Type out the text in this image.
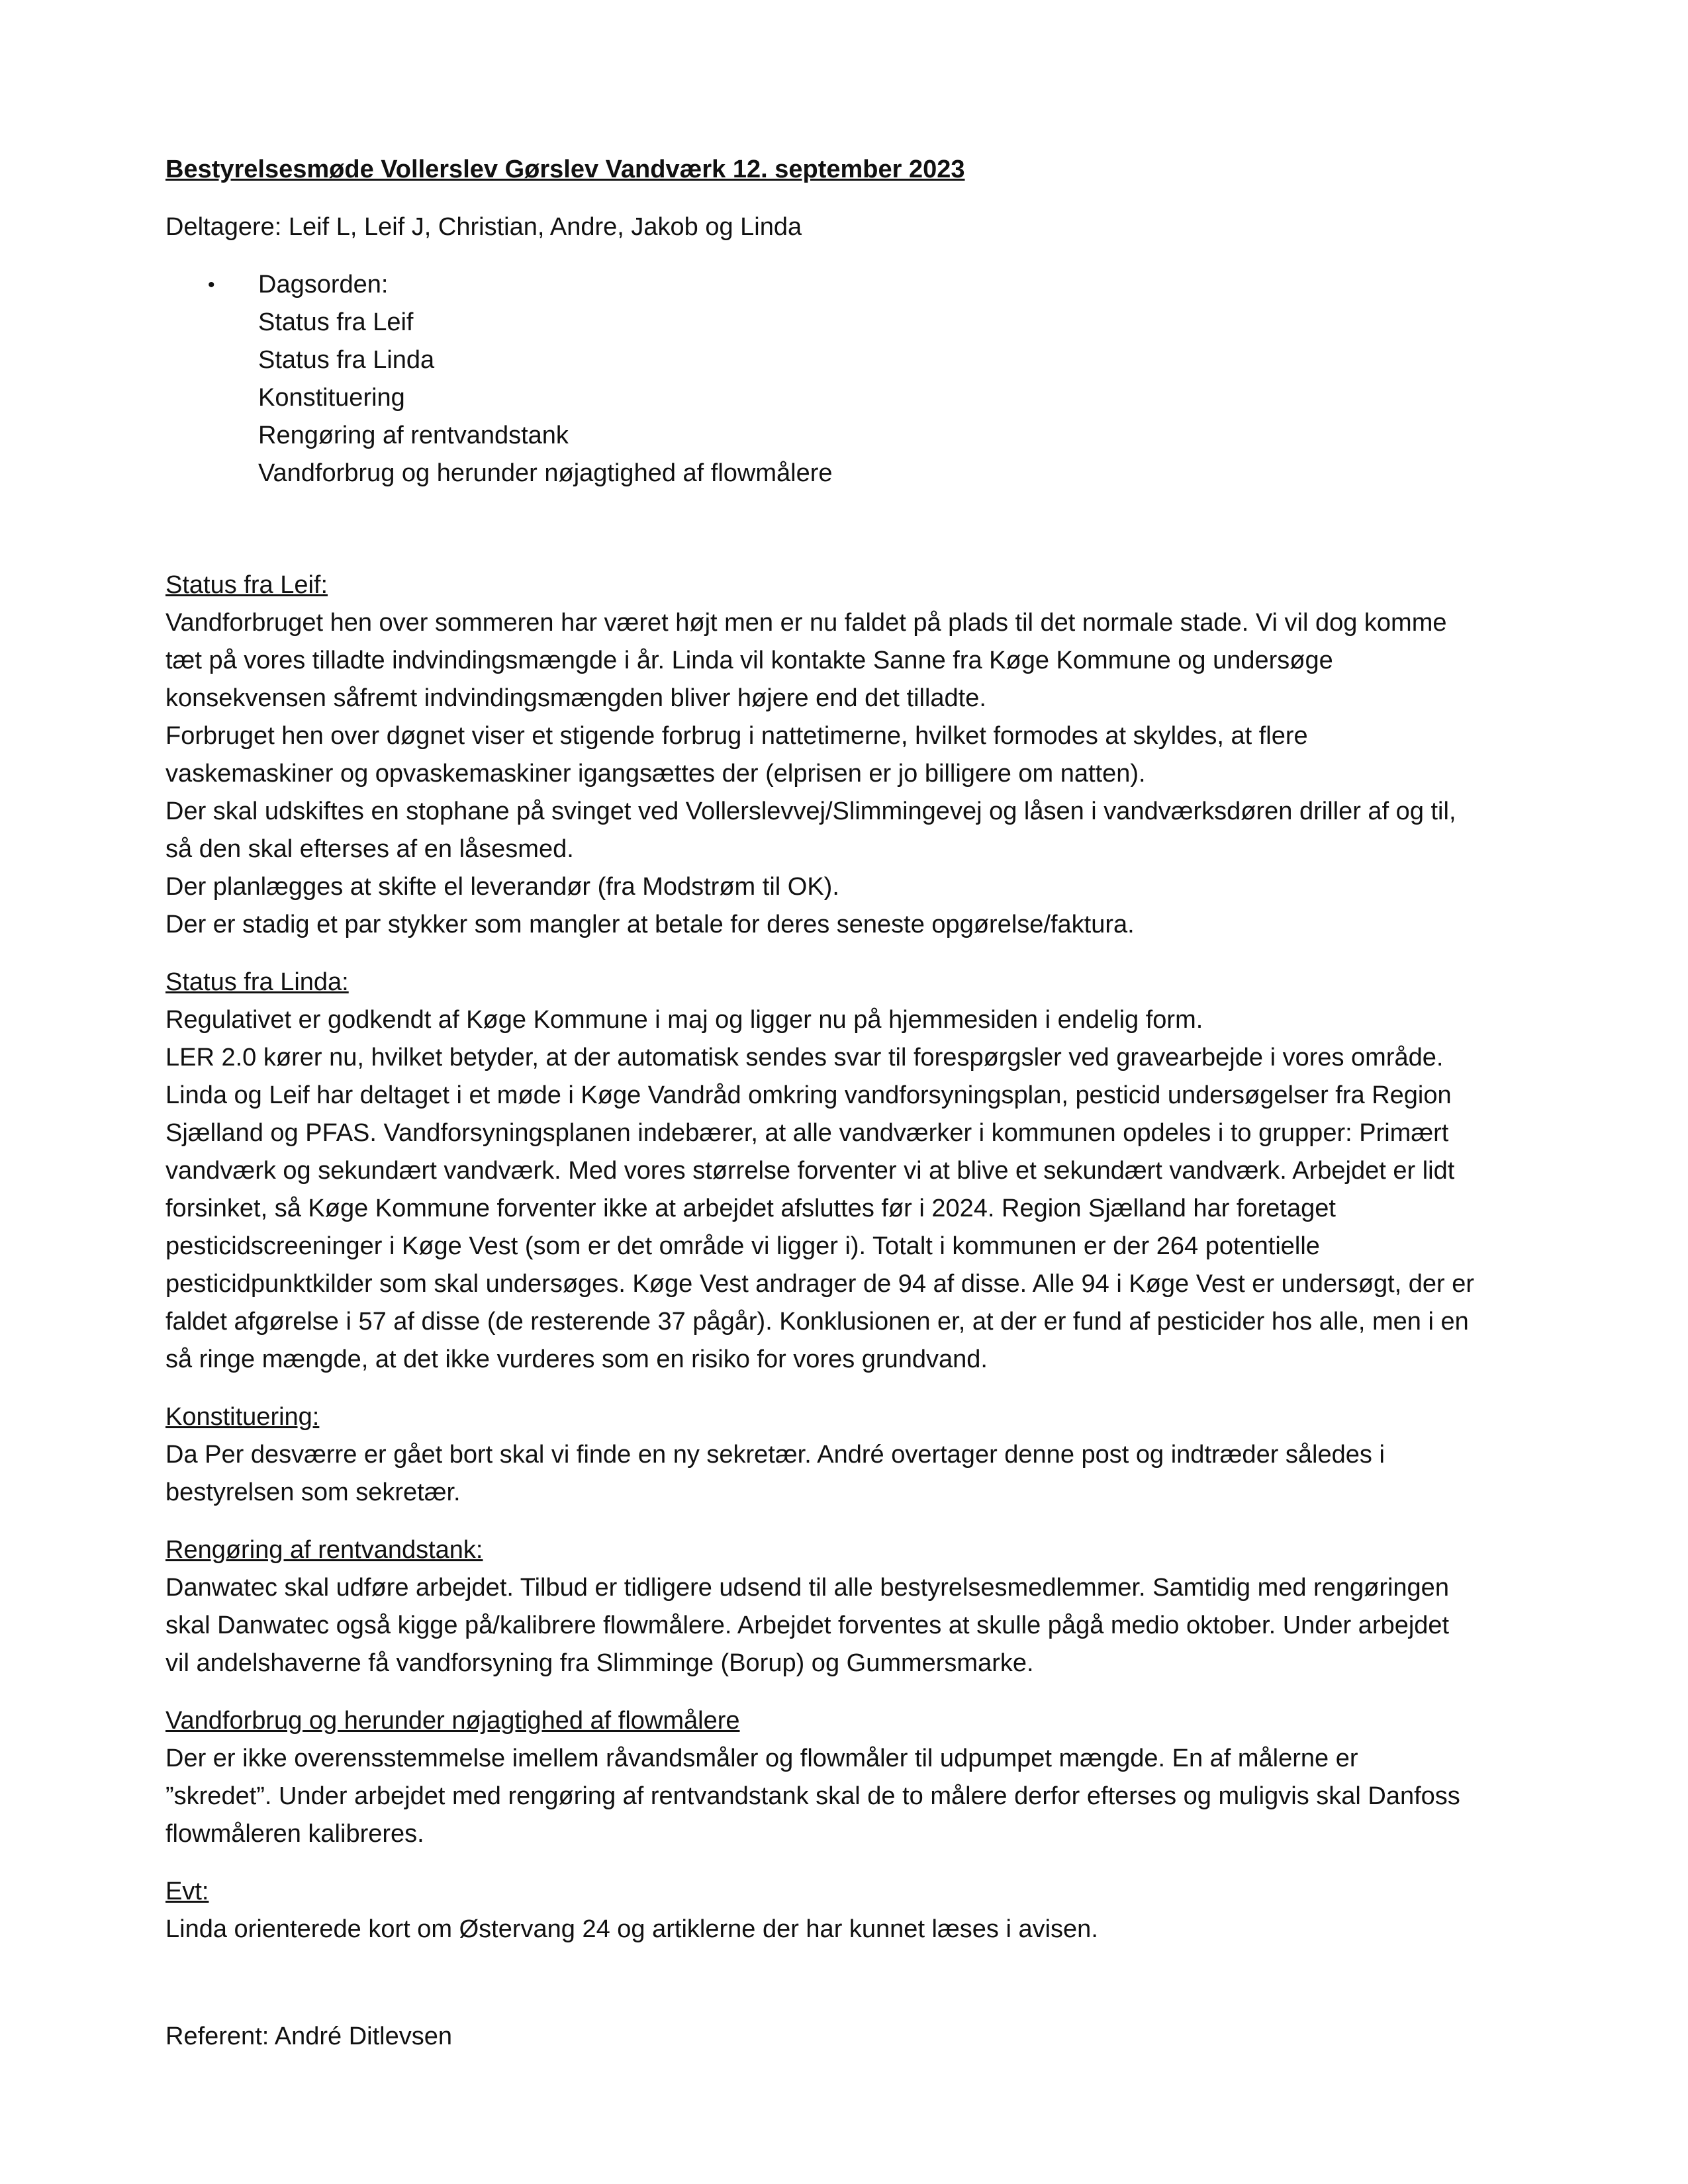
Bestyrelsesmøde Vollerslev Gørslev Vandværk 12. september 2023
Deltagere: Leif L, Leif J, Christian, Andre, Jakob og Linda
• Dagsorden:
Status fra Leif
Status fra Linda
Konstituering
Rengøring af rentvandstank
Vandforbrug og herunder nøjagtighed af flowmålere
Status fra Leif:
Vandforbruget hen over sommeren har været højt men er nu faldet på plads til det normale stade. Vi vil dog komme
tæt på vores tilladte indvindingsmængde i år. Linda vil kontakte Sanne fra Køge Kommune og undersøge
konsekvensen såfremt indvindingsmængden bliver højere end det tilladte.
Forbruget hen over døgnet viser et stigende forbrug i nattetimerne, hvilket formodes at skyldes, at flere
vaskemaskiner og opvaskemaskiner igangsættes der (elprisen er jo billigere om natten).
Der skal udskiftes en stophane på svinget ved Vollerslevvej/Slimmingevej og låsen i vandværksdøren driller af og til,
så den skal efterses af en låsesmed.
Der planlægges at skifte el leverandør (fra Modstrøm til OK).
Der er stadig et par stykker som mangler at betale for deres seneste opgørelse/faktura.
Status fra Linda:
Regulativet er godkendt af Køge Kommune i maj og ligger nu på hjemmesiden i endelig form.
LER 2.0 kører nu, hvilket betyder, at der automatisk sendes svar til forespørgsler ved gravearbejde i vores område.
Linda og Leif har deltaget i et møde i Køge Vandråd omkring vandforsyningsplan, pesticid undersøgelser fra Region
Sjælland og PFAS. Vandforsyningsplanen indebærer, at alle vandværker i kommunen opdeles i to grupper: Primært
vandværk og sekundært vandværk. Med vores størrelse forventer vi at blive et sekundært vandværk. Arbejdet er lidt
forsinket, så Køge Kommune forventer ikke at arbejdet afsluttes før i 2024. Region Sjælland har foretaget
pesticidscreeninger i Køge Vest (som er det område vi ligger i). Totalt i kommunen er der 264 potentielle
pesticidpunktkilder som skal undersøges. Køge Vest andrager de 94 af disse. Alle 94 i Køge Vest er undersøgt, der er
faldet afgørelse i 57 af disse (de resterende 37 pågår). Konklusionen er, at der er fund af pesticider hos alle, men i en
så ringe mængde, at det ikke vurderes som en risiko for vores grundvand.
Konstituering:
Da Per desværre er gået bort skal vi finde en ny sekretær. André overtager denne post og indtræder således i
bestyrelsen som sekretær.
Rengøring af rentvandstank:
Danwatec skal udføre arbejdet. Tilbud er tidligere udsend til alle bestyrelsesmedlemmer. Samtidig med rengøringen
skal Danwatec også kigge på/kalibrere flowmålere. Arbejdet forventes at skulle pågå medio oktober. Under arbejdet
vil andelshaverne få vandforsyning fra Slimminge (Borup) og Gummersmarke.
Vandforbrug og herunder nøjagtighed af flowmålere
Der er ikke overensstemmelse imellem råvandsmåler og flowmåler til udpumpet mængde. En af målerne er
”skredet”. Under arbejdet med rengøring af rentvandstank skal de to målere derfor efterses og muligvis skal Danfoss
flowmåleren kalibreres.
Evt:
Linda orienterede kort om Østervang 24 og artiklerne der har kunnet læses i avisen.
Referent: André Ditlevsen
